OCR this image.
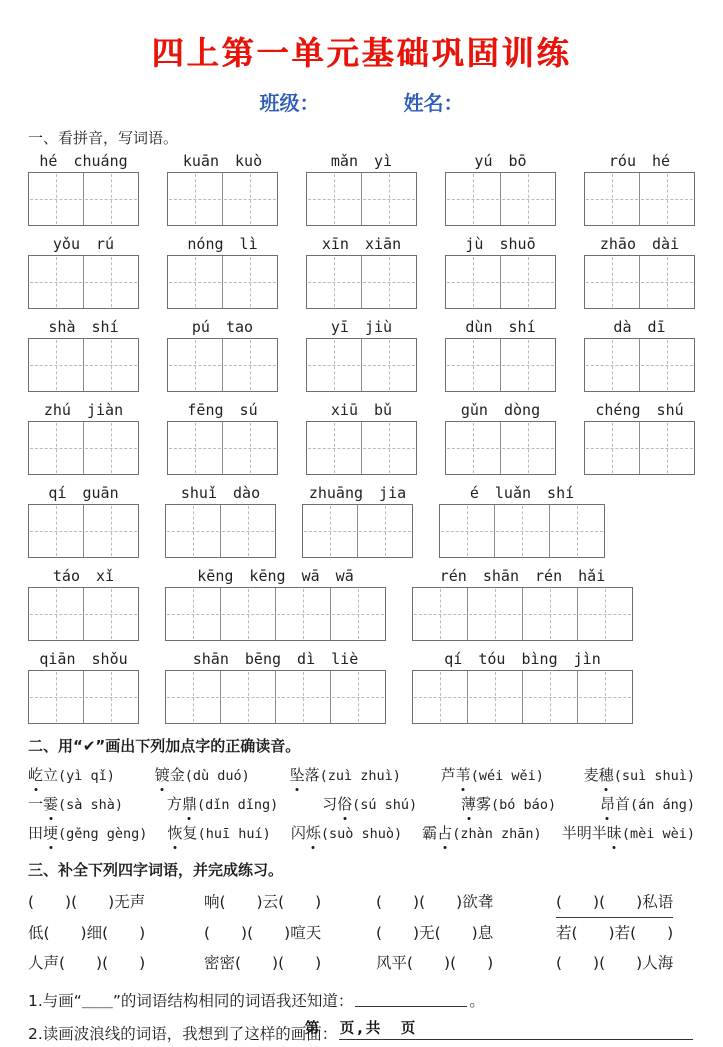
四上第一单元基础巩固训练
班级：	姓名：
一、看拼音，写词语。
hé chuáng	kuān kuò	mǎn yì	yú bō	róu hé
yǒu rú	nóng lì	xīn xiān	jù shuō	zhāo dài
shà shí	pú tao	yī jiù	dùn shí	dà dī
zhú jiàn	fēng sú	xiū bǔ	gǔn dòng	chéng shú
qí guān	shuǐ dào	zhuāng jia	é luǎn shí
táo xǐ	kēng kēng wā wā	rén shān rén hǎi
qiān shǒu	shān bēng dì liè	qí tóu bìng jìn
二、用“✔”画出下列加点字的正确读音。
屹立(yì qǐ)	镀金(dù duó)	坠落(zuì zhuì)	芦苇(wéi wěi)	麦穗(suì shuì)
一霎(sà shà)	方鼎(dǐn dǐng)	习俗(sú shú)	薄雾(bó báo)	昂首(án áng)
田埂(gěng gèng) 恢复(huī huí) 闪烁(suò shuò) 霸占(zhàn zhān) 半明半昧(mèi wèi)
三、补全下列四字词语，并完成练习。
(　　)(　　)无声	响(　　)云(　　)	(　　)(　　)欲聋	(　　)(　　)私语
低(　　)细(　　)	(　　)(　　)喧天	(　　)无(　　)息	若(　　)若(　　)
人声(　　)(　　)	密密(　　)(　　)	风平(　　)(　　)	(　　)(　　)人海
1.与画“＿＿”的词语结构相同的词语我还知道：	。
2.读画波浪线的词语，我想到了这样的画面：
第　页,共　页
